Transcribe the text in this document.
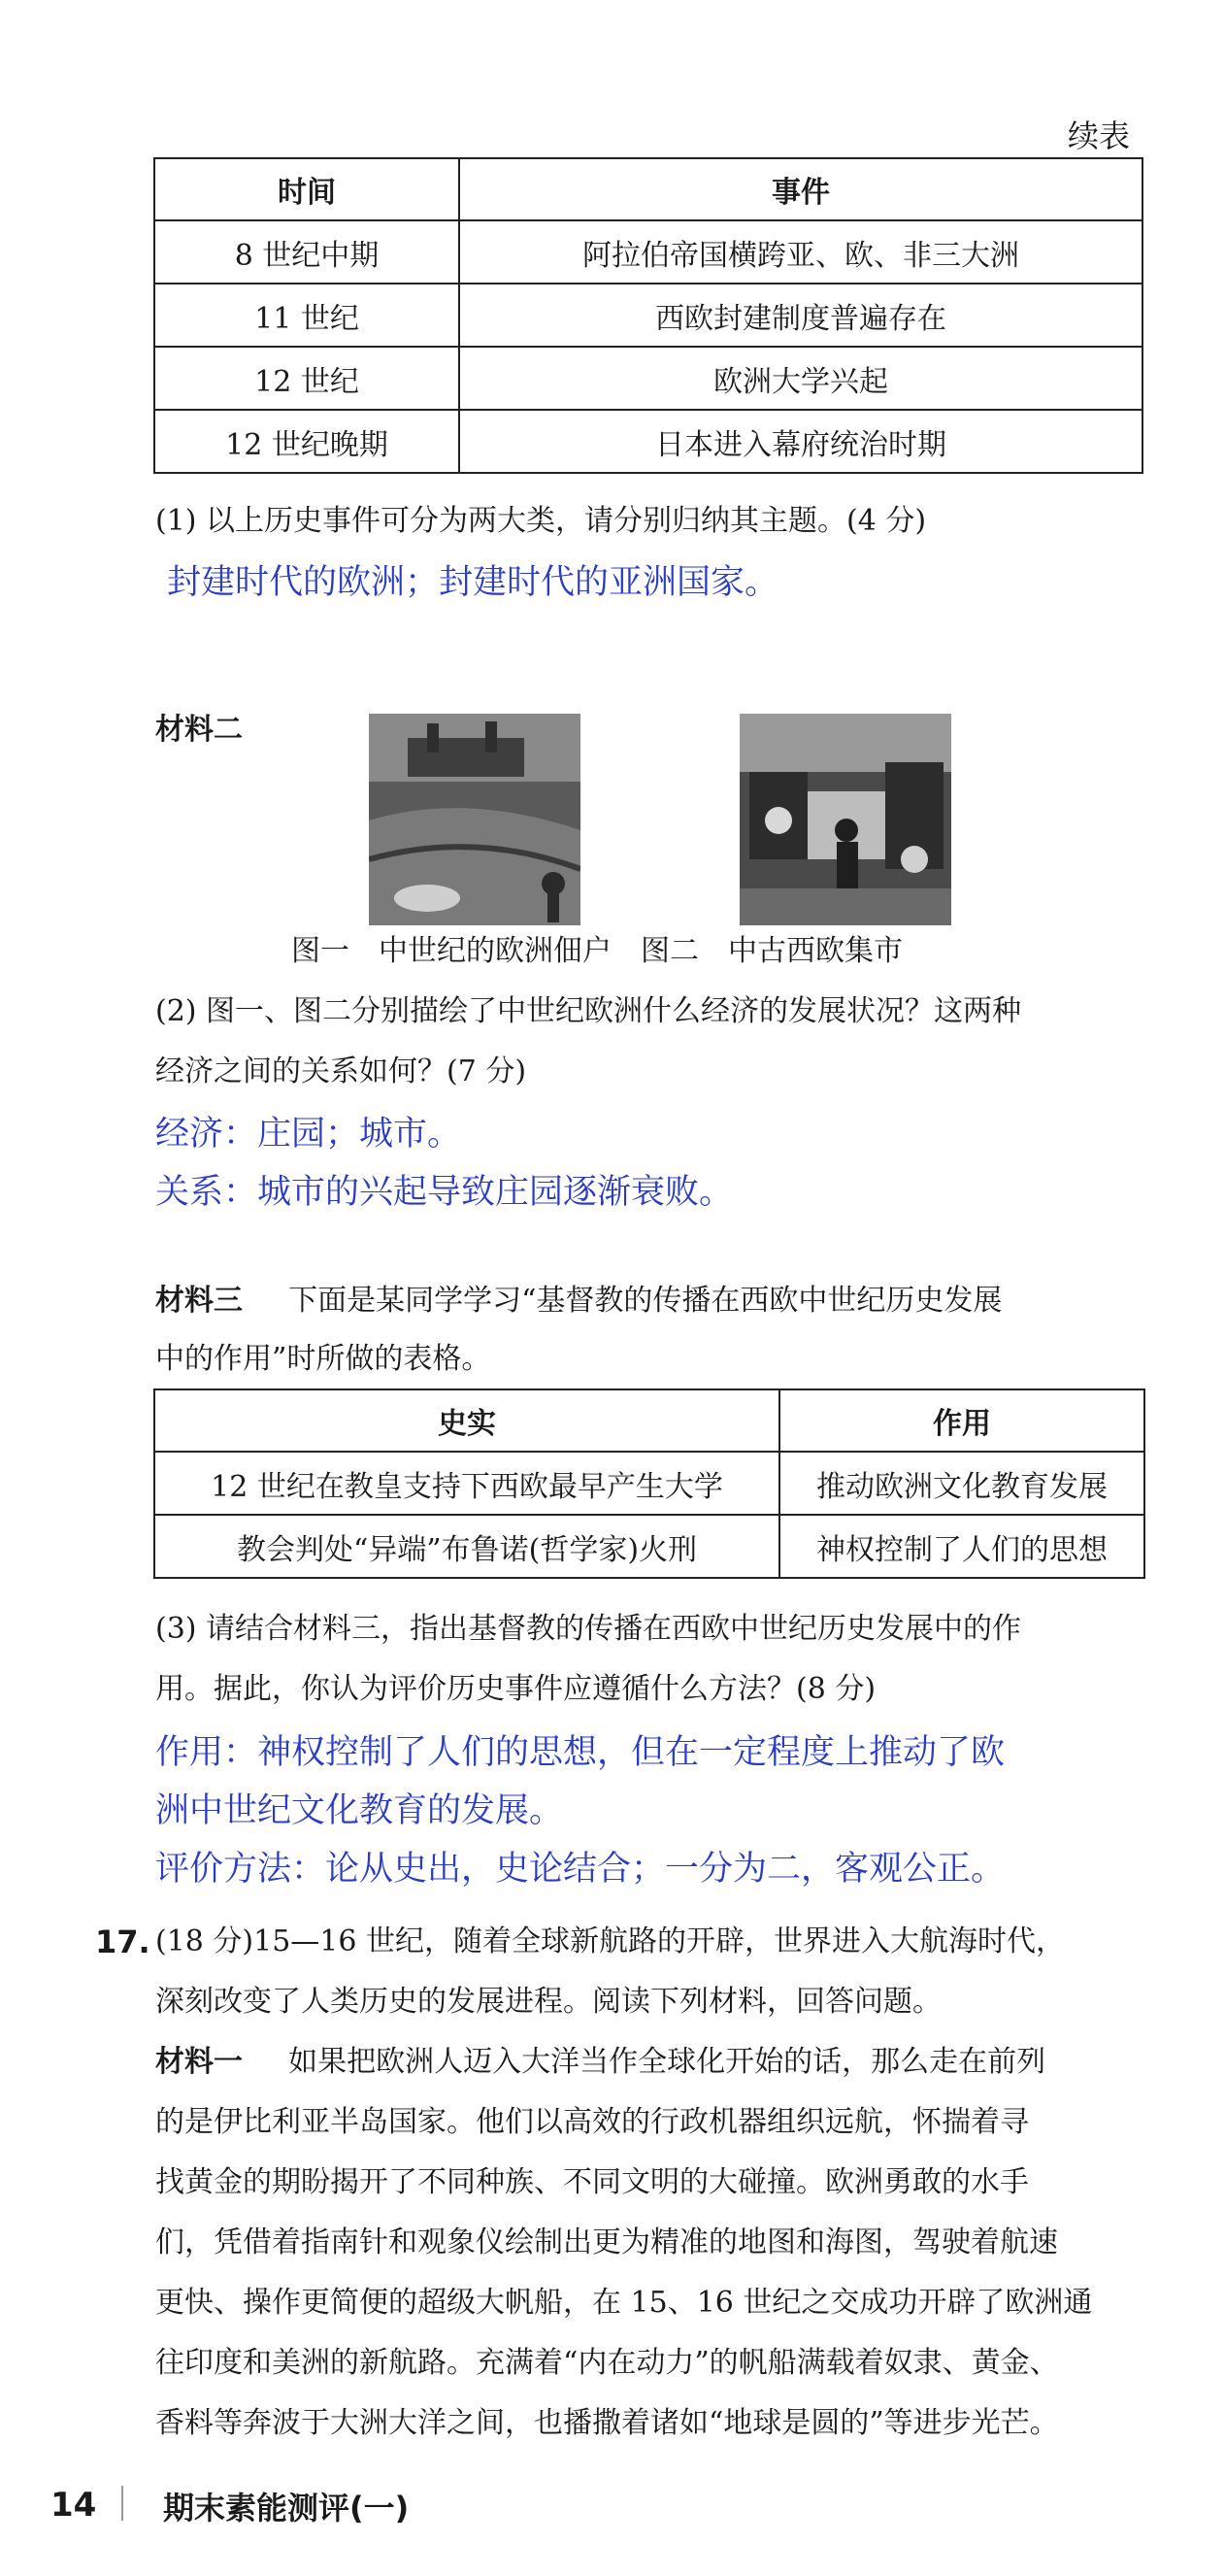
续表
时间	事件
8 世纪中期	阿拉伯帝国横跨亚、欧、非三大洲
11 世纪	西欧封建制度普遍存在
12 世纪	欧洲大学兴起
12 世纪晚期	日本进入幕府统治时期
(1) 以上历史事件可分为两大类，请分别归纳其主题。(4 分)
封建时代的欧洲；封建时代的亚洲国家。
材料二
图一　中世纪的欧洲佃户　图二　中古西欧集市
(2) 图一、图二分别描绘了中世纪欧洲什么经济的发展状况？这两种
经济之间的关系如何？(7 分)
经济：庄园；城市。
关系：城市的兴起导致庄园逐渐衰败。
材料三 下面是某同学学习“基督教的传播在西欧中世纪历史发展
中的作用”时所做的表格。
史实	作用
12 世纪在教皇支持下西欧最早产生大学	推动欧洲文化教育发展
教会判处“异端”布鲁诺(哲学家)火刑	神权控制了人们的思想
(3) 请结合材料三，指出基督教的传播在西欧中世纪历史发展中的作
用。据此，你认为评价历史事件应遵循什么方法？(8 分)
作用：神权控制了人们的思想，但在一定程度上推动了欧
洲中世纪文化教育的发展。
评价方法：论从史出，史论结合；一分为二，客观公正。
17. (18 分)15—16 世纪，随着全球新航路的开辟，世界进入大航海时代，
深刻改变了人类历史的发展进程。阅读下列材料，回答问题。
材料一 如果把欧洲人迈入大洋当作全球化开始的话，那么走在前列
的是伊比利亚半岛国家。他们以高效的行政机器组织远航，怀揣着寻
找黄金的期盼揭开了不同种族、不同文明的大碰撞。欧洲勇敢的水手
们，凭借着指南针和观象仪绘制出更为精准的地图和海图，驾驶着航速
更快、操作更简便的超级大帆船，在 15、16 世纪之交成功开辟了欧洲通
往印度和美洲的新航路。充满着“内在动力”的帆船满载着奴隶、黄金、
香料等奔波于大洲大洋之间，也播撒着诸如“地球是圆的”等进步光芒。
14 期末素能测评(一)
